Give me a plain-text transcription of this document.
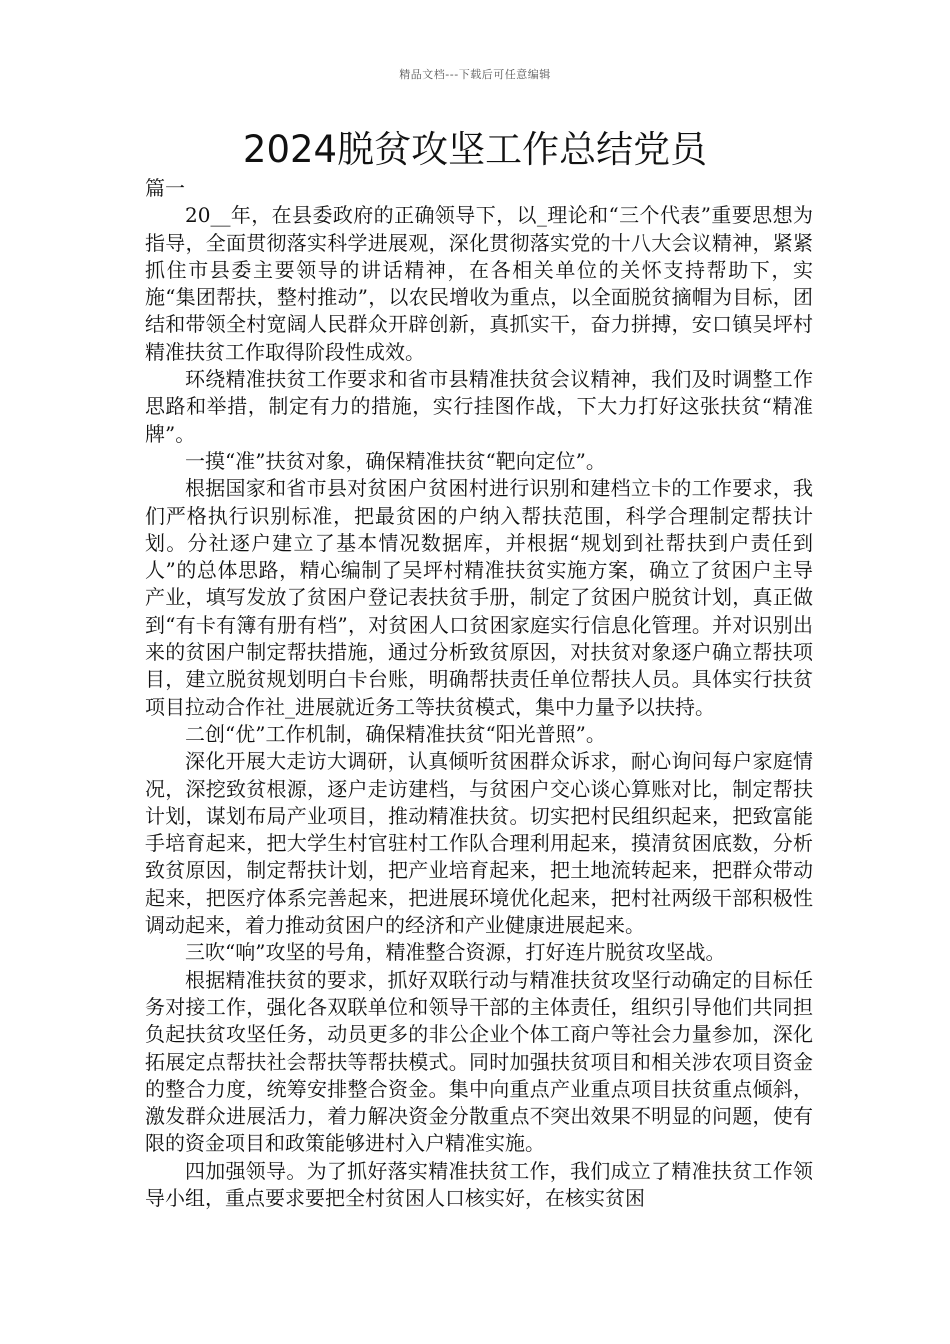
精品文档---下载后可任意编辑
2024脱贫攻坚工作总结党员

篇一

20__年，在县委政府的正确领导下，以_理论和“三个代表”重要思想为指导，全面贯彻落实科学进展观，深化贯彻落实党的十八大会议精神，紧紧抓住市县委主要领导的讲话精神，在各相关单位的关怀支持帮助下，实施“集团帮扶，整村推动”，以农民增收为重点，以全面脱贫摘帽为目标，团结和带领全村宽阔人民群众开辟创新，真抓实干，奋力拼搏，安口镇吴坪村精准扶贫工作取得阶段性成效。

环绕精准扶贫工作要求和省市县精准扶贫会议精神，我们及时调整工作思路和举措，制定有力的措施，实行挂图作战，下大力打好这张扶贫“精准牌”。

一摸“准”扶贫对象，确保精准扶贫“靶向定位”。

根据国家和省市县对贫困户贫困村进行识别和建档立卡的工作要求，我们严格执行识别标准，把最贫困的户纳入帮扶范围，科学合理制定帮扶计划。分社逐户建立了基本情况数据库，并根据“规划到社帮扶到户责任到人”的总体思路，精心编制了吴坪村精准扶贫实施方案，确立了贫困户主导产业，填写发放了贫困户登记表扶贫手册，制定了贫困户脱贫计划，真正做到“有卡有簿有册有档”，对贫困人口贫困家庭实行信息化管理。并对识别出来的贫困户制定帮扶措施，通过分析致贫原因，对扶贫对象逐户确立帮扶项目，建立脱贫规划明白卡台账，明确帮扶责任单位帮扶人员。具体实行扶贫项目拉动合作社_进展就近务工等扶贫模式，集中力量予以扶持。

二创“优”工作机制，确保精准扶贫“阳光普照”。

深化开展大走访大调研，认真倾听贫困群众诉求，耐心询问每户家庭情况，深挖致贫根源，逐户走访建档，与贫困户交心谈心算账对比，制定帮扶计划，谋划布局产业项目，推动精准扶贫。切实把村民组织起来，把致富能手培育起来，把大学生村官驻村工作队合理利用起来，摸清贫困底数，分析致贫原因，制定帮扶计划，把产业培育起来，把土地流转起来，把群众带动起来，把医疗体系完善起来，把进展环境优化起来，把村社两级干部积极性调动起来，着力推动贫困户的经济和产业健康进展起来。

三吹“响”攻坚的号角，精准整合资源，打好连片脱贫攻坚战。

根据精准扶贫的要求，抓好双联行动与精准扶贫攻坚行动确定的目标任务对接工作，强化各双联单位和领导干部的主体责任，组织引导他们共同担负起扶贫攻坚任务，动员更多的非公企业个体工商户等社会力量参加，深化拓展定点帮扶社会帮扶等帮扶模式。同时加强扶贫项目和相关涉农项目资金的整合力度，统筹安排整合资金。集中向重点产业重点项目扶贫重点倾斜，激发群众进展活力，着力解决资金分散重点不突出效果不明显的问题，使有限的资金项目和政策能够进村入户精准实施。

四加强领导。为了抓好落实精准扶贫工作，我们成立了精准扶贫工作领导小组，重点要求要把全村贫困人口核实好，在核实贫困
